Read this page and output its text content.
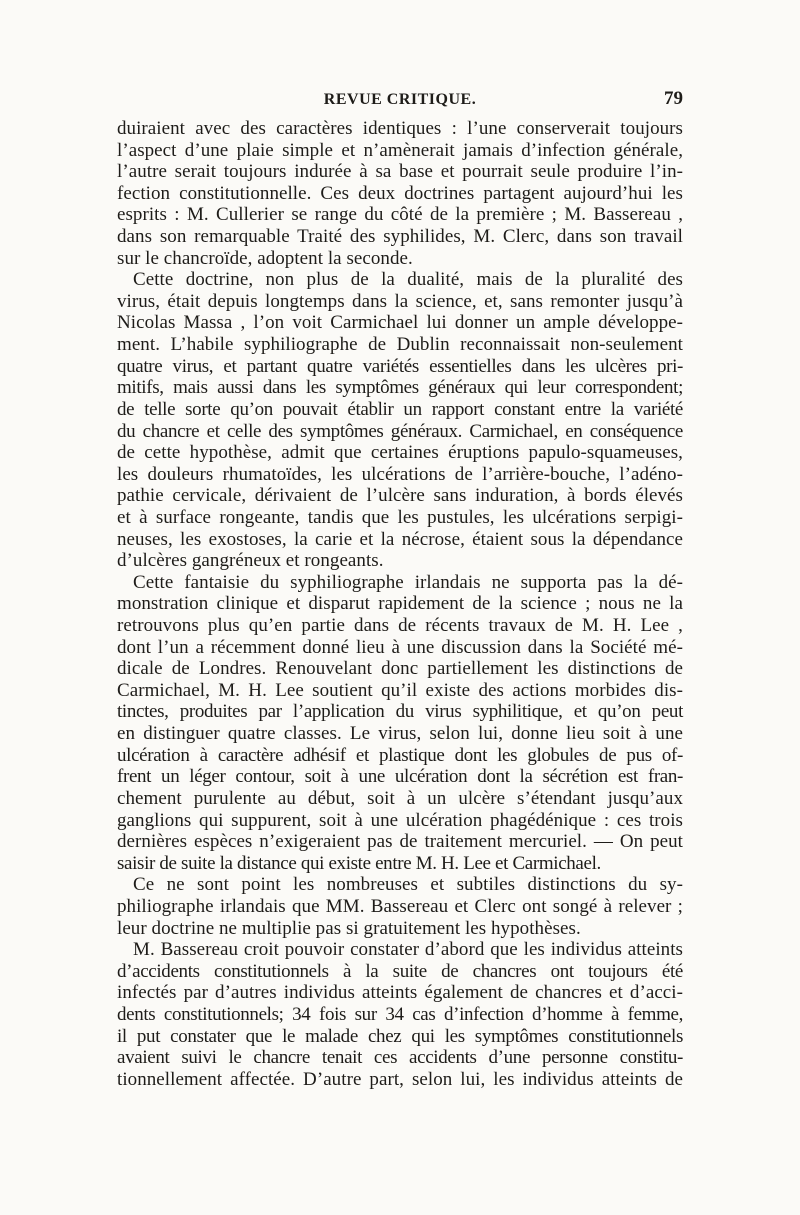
REVUE CRITIQUE.	79
duiraient avec des caractères identiques : l’une conserverait toujours
l’aspect d’une plaie simple et n’amènerait jamais d’infection générale,
l’autre serait toujours indurée à sa base et pourrait seule produire l’in-
fection constitutionnelle. Ces deux doctrines partagent aujourd’hui les
esprits : M. Cullerier se range du côté de la première ; M. Bassereau ,
dans son remarquable Traité des syphilides, M. Clerc, dans son travail
sur le chancroïde, adoptent la seconde.
Cette doctrine, non plus de la dualité, mais de la pluralité des
virus, était depuis longtemps dans la science, et, sans remonter jusqu’à
Nicolas Massa , l’on voit Carmichael lui donner un ample développe-
ment. L’habile syphiliographe de Dublin reconnaissait non-seulement
quatre virus, et partant quatre variétés essentielles dans les ulcères pri-
mitifs, mais aussi dans les symptômes généraux qui leur correspondent;
de telle sorte qu’on pouvait établir un rapport constant entre la variété
du chancre et celle des symptômes généraux. Carmichael, en conséquence
de cette hypothèse, admit que certaines éruptions papulo-squameuses,
les douleurs rhumatoïdes, les ulcérations de l’arrière-bouche, l’adéno-
pathie cervicale, dérivaient de l’ulcère sans induration, à bords élevés
et à surface rongeante, tandis que les pustules, les ulcérations serpigi-
neuses, les exostoses, la carie et la nécrose, étaient sous la dépendance
d’ulcères gangréneux et rongeants.
Cette fantaisie du syphiliographe irlandais ne supporta pas la dé-
monstration clinique et disparut rapidement de la science ; nous ne la
retrouvons plus qu’en partie dans de récents travaux de M. H. Lee ,
dont l’un a récemment donné lieu à une discussion dans la Société mé-
dicale de Londres. Renouvelant donc partiellement les distinctions de
Carmichael, M. H. Lee soutient qu’il existe des actions morbides dis-
tinctes, produites par l’application du virus syphilitique, et qu’on peut
en distinguer quatre classes. Le virus, selon lui, donne lieu soit à une
ulcération à caractère adhésif et plastique dont les globules de pus of-
frent un léger contour, soit à une ulcération dont la sécrétion est fran-
chement purulente au début, soit à un ulcère s’étendant jusqu’aux
ganglions qui suppurent, soit à une ulcération phagédénique : ces trois
dernières espèces n’exigeraient pas de traitement mercuriel. — On peut
saisir de suite la distance qui existe entre M. H. Lee et Carmichael.
Ce ne sont point les nombreuses et subtiles distinctions du sy-
philiographe irlandais que MM. Bassereau et Clerc ont songé à relever ;
leur doctrine ne multiplie pas si gratuitement les hypothèses.
M. Bassereau croit pouvoir constater d’abord que les individus atteints
d’accidents constitutionnels à la suite de chancres ont toujours été
infectés par d’autres individus atteints également de chancres et d’acci-
dents constitutionnels; 34 fois sur 34 cas d’infection d’homme à femme,
il put constater que le malade chez qui les symptômes constitutionnels
avaient suivi le chancre tenait ces accidents d’une personne constitu-
tionnellement affectée. D’autre part, selon lui, les individus atteints de
